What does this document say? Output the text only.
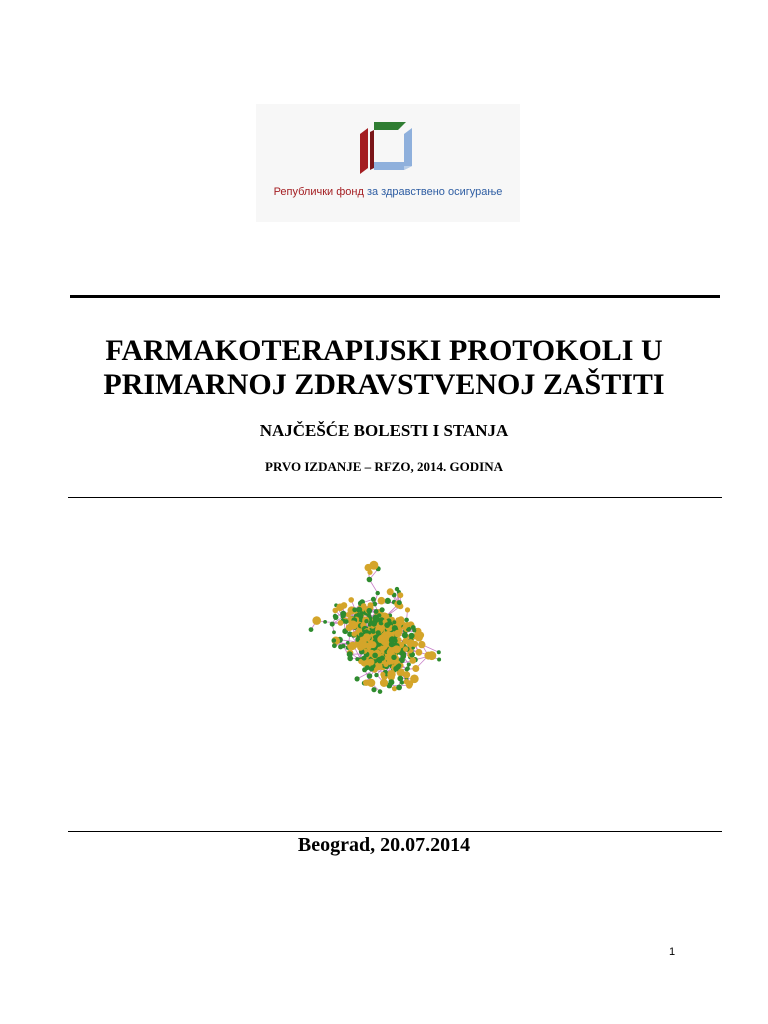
Републички фонд за здравствено осигурање
FARMAKOTERAPIJSKI PROTOKOLI U
PRIMARNOJ ZDRAVSTVENOJ ZAŠTITI
NAJČEŠĆE BOLESTI I STANJA
PRVO IZDANJE – RFZO, 2014. GODINA
Beograd, 20.07.2014
1
